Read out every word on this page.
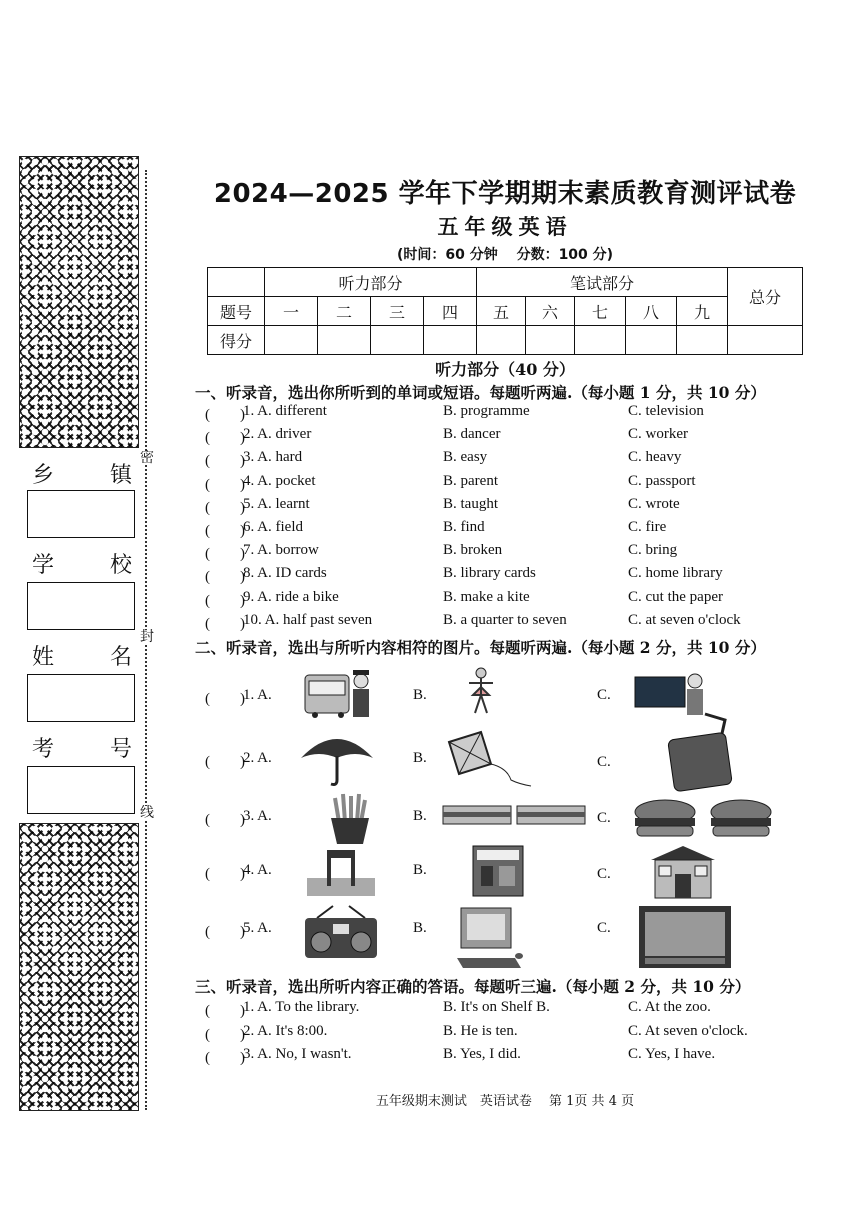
密
封
线
乡	镇
学	校
姓	名
考	号
2024—2025 学年下学期期末素质教育测评试卷
五年级英语
(时间：60 分钟　 分数：100 分)
	听力部分				笔试部分					总分
题号	一	二	三	四	五	六	七	八	九	
得分										
听力部分（40 分）
一、听录音，选出你所听到的单词或短语。每题听两遍.（每小题 1 分，共 10 分）
(　　)
1. A. different	B. programme	C. television
(　　)
2. A. driver	B. dancer	C. worker
(　　)
3. A. hard	B. easy	C. heavy
(　　)
4. A. pocket	B. parent	C. passport
(　　)
5. A. learnt	B. taught	C. wrote
(　　)
6. A. field	B. find	C. fire
(　　)
7. A. borrow	B. broken	C. bring
(　　)
8. A. ID cards	B. library cards	C. home library
(　　)
9. A. ride a bike	B. make a kite	C. cut the paper
(　　)
10. A. half past seven	B. a quarter to seven	C. at seven o'clock
二、听录音，选出与所听内容相符的图片。每题听两遍.（每小题 2 分，共 10 分）
(　　)
1. A.	B.	C.
(　　)
2. A.	B.	C.
(　　)
3. A.	B.	C.
(　　)
4. A.	B.	C.
(　　)
5. A.	B.	C.
三、听录音，选出所听内容正确的答语。每题听三遍.（每小题 2 分，共 10 分）
(　　)
1. A. To the library.	B. It's on Shelf B.	C. At the zoo.
(　　)
2. A. It's 8:00.	B. He is ten.	C. At seven o'clock.
(　　)
3. A. No, I wasn't.	B. Yes, I did.	C. Yes, I have.
五年级期末测试　英语试卷　 第 1页 共 4 页
